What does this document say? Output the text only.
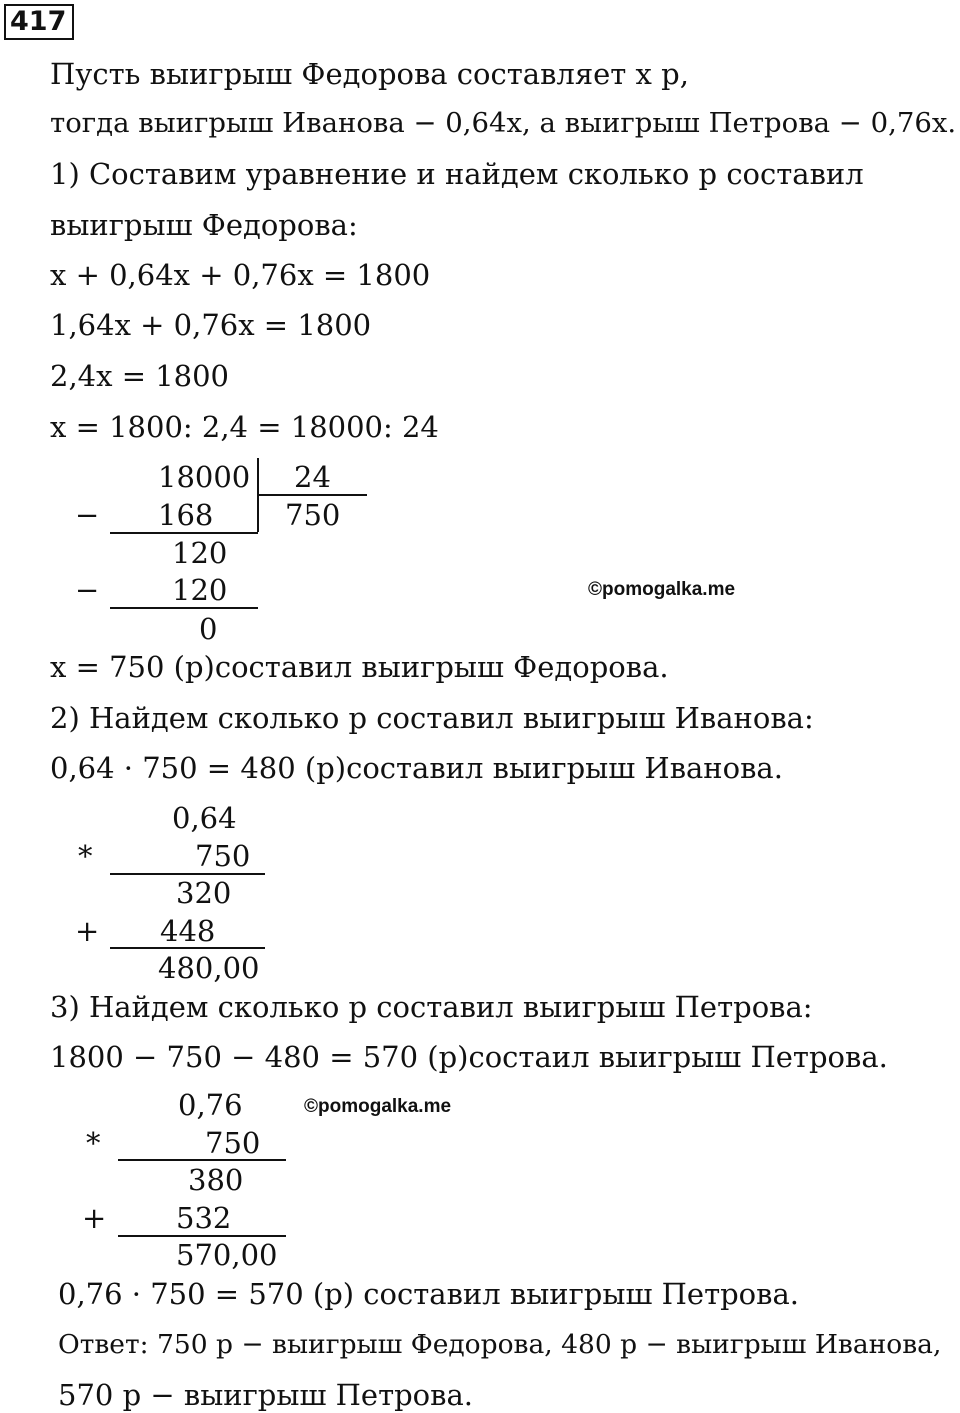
417
Пусть выигрыш Федорова составляет x р,
тогда выигрыш Иванова − 0,64x, а выигрыш Петрова − 0,76x.
1) Составим уравнение и найдем сколько р составил
выигрыш Федорова:
x + 0,64x + 0,76x = 1800
1,64x + 0,76x = 1800
2,4x = 1800
x = 1800: 2,4 = 18000: 24
18000 24
− 168 750
120
−	120
0
©pomogalka.me
x = 750 (р)составил выигрыш Федорова.
2) Найдем сколько р составил выигрыш Иванова:
0,64 · 750 = 480 (р)составил выигрыш Иванова.
0,64
*	750
320
+ 448
480,00
3) Найдем сколько р составил выигрыш Петрова:
1800 − 750 − 480 = 570 (р)состаил выигрыш Петрова.
0,76
*	750
380
+ 532
570,00
©pomogalka.me
0,76 · 750 = 570 (р) составил выигрыш Петрова.
Ответ: 750 р − выигрыш Федорова, 480 р − выигрыш Иванова,
570 р − выигрыш Петрова.
